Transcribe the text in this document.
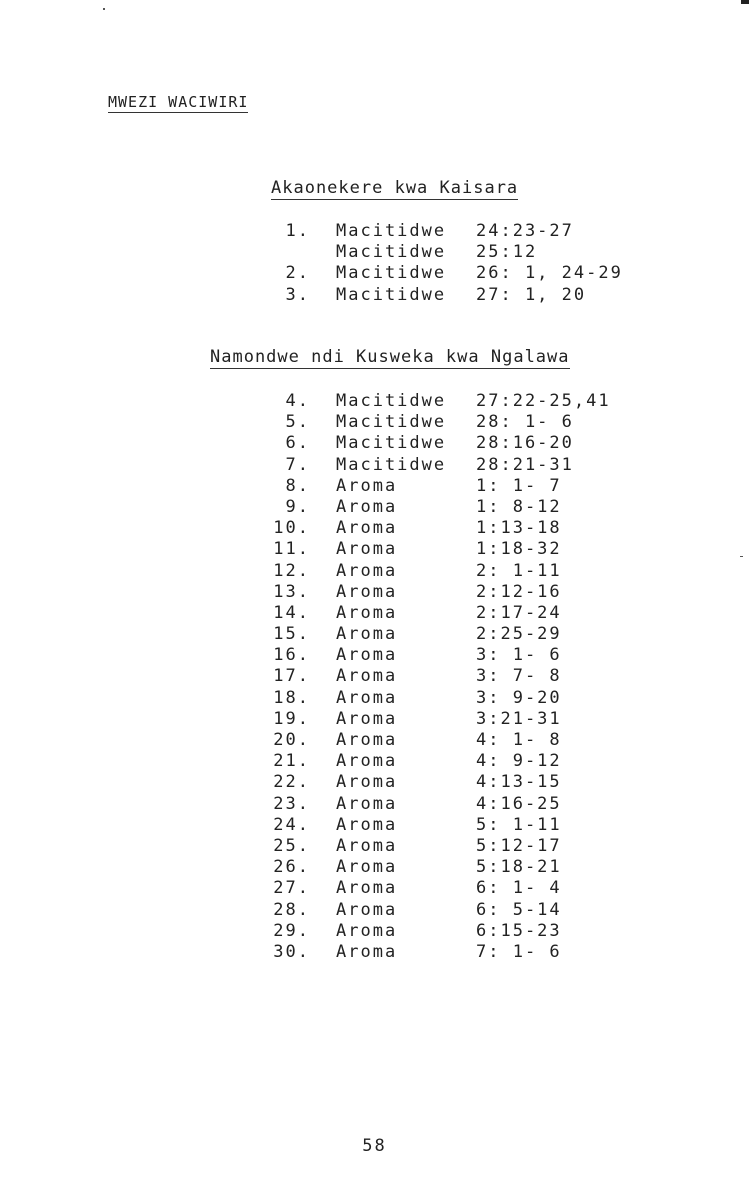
MWEZI WACIWIRI
Akaonekere kwa Kaisara
1. Macitidwe 24:23-27
Macitidwe 25:12
2. Macitidwe 26: 1, 24-29
3. Macitidwe 27: 1, 20
Namondwe ndi Kusweka kwa Ngalawa
4. Macitidwe 27:22-25,41
5. Macitidwe 28: 1- 6
6. Macitidwe 28:16-20
7. Macitidwe 28:21-31
8. Aroma	1: 1- 7
9. Aroma	1: 8-12
10. Aroma	1:13-18
11. Aroma	1:18-32
12. Aroma	2: 1-11
13. Aroma	2:12-16
14. Aroma	2:17-24
15. Aroma	2:25-29
16. Aroma	3: 1- 6
17. Aroma	3: 7- 8
18. Aroma	3: 9-20
19. Aroma	3:21-31
20. Aroma	4: 1- 8
21. Aroma	4: 9-12
22. Aroma	4:13-15
23. Aroma	4:16-25
24. Aroma	5: 1-11
25. Aroma	5:12-17
26. Aroma	5:18-21
27. Aroma	6: 1- 4
28. Aroma	6: 5-14
29. Aroma	6:15-23
30. Aroma	7: 1- 6
58
